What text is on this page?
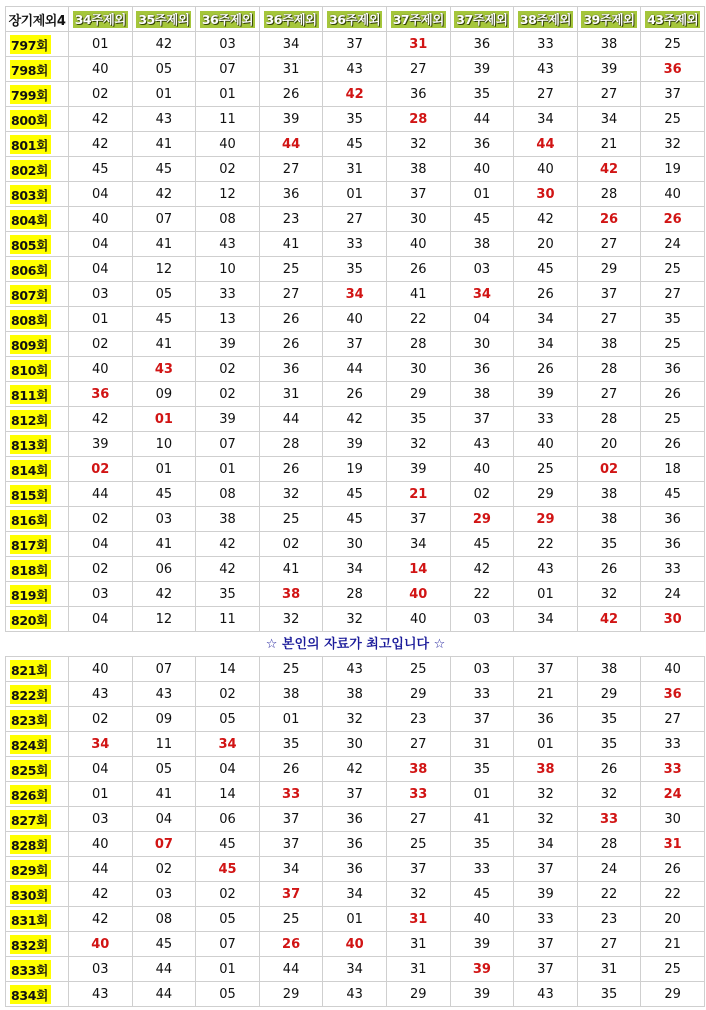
장기제외4	34주제외	35주제외	36주제외	36주제외	36주제외	37주제외	37주제외	38주제외	39주제외	43주제외
797회	01	42	03	34	37	31	36	33	38	25
798회	40	05	07	31	43	27	39	43	39	36
799회	02	01	01	26	42	36	35	27	27	37
800회	42	43	11	39	35	28	44	34	34	25
801회	42	41	40	44	45	32	36	44	21	32
802회	45	45	02	27	31	38	40	40	42	19
803회	04	42	12	36	01	37	01	30	28	40
804회	40	07	08	23	27	30	45	42	26	26
805회	04	41	43	41	33	40	38	20	27	24
806회	04	12	10	25	35	26	03	45	29	25
807회	03	05	33	27	34	41	34	26	37	27
808회	01	45	13	26	40	22	04	34	27	35
809회	02	41	39	26	37	28	30	34	38	25
810회	40	43	02	36	44	30	36	26	28	36
811회	36	09	02	31	26	29	38	39	27	26
812회	42	01	39	44	42	35	37	33	28	25
813회	39	10	07	28	39	32	43	40	20	26
814회	02	01	01	26	19	39	40	25	02	18
815회	44	45	08	32	45	21	02	29	38	45
816회	02	03	38	25	45	37	29	29	38	36
817회	04	41	42	02	30	34	45	22	35	36
818회	02	06	42	41	34	14	42	43	26	33
819회	03	42	35	38	28	40	22	01	32	24
820회	04	12	11	32	32	40	03	34	42	30
☆ 본인의 자료가 최고입니다 ☆
821회	40	07	14	25	43	25	03	37	38	40
822회	43	43	02	38	38	29	33	21	29	36
823회	02	09	05	01	32	23	37	36	35	27
824회	34	11	34	35	30	27	31	01	35	33
825회	04	05	04	26	42	38	35	38	26	33
826회	01	41	14	33	37	33	01	32	32	24
827회	03	04	06	37	36	27	41	32	33	30
828회	40	07	45	37	36	25	35	34	28	31
829회	44	02	45	34	36	37	33	37	24	26
830회	42	03	02	37	34	32	45	39	22	22
831회	42	08	05	25	01	31	40	33	23	20
832회	40	45	07	26	40	31	39	37	27	21
833회	03	44	01	44	34	31	39	37	31	25
834회	43	44	05	29	43	29	39	43	35	29
